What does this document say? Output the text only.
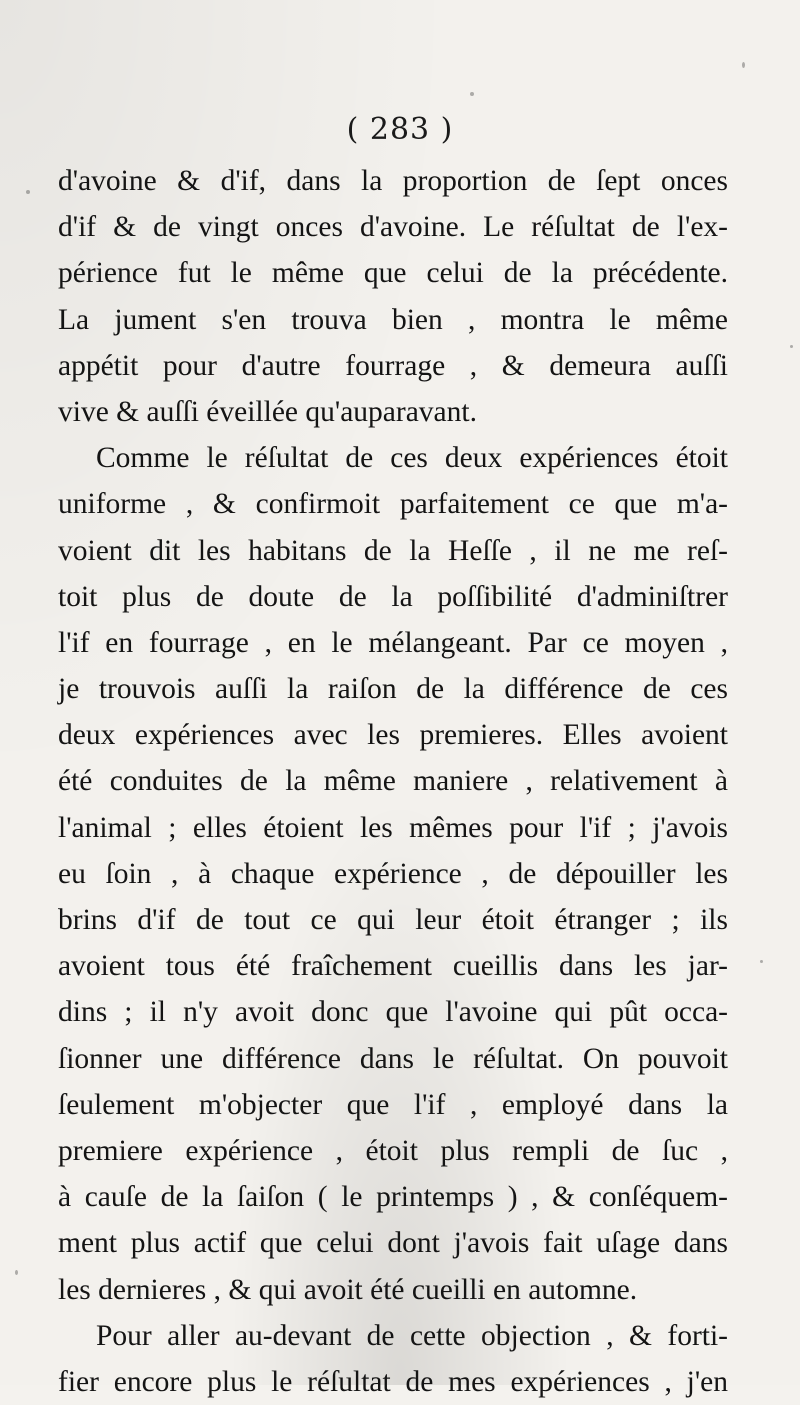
( 283 )
d'avoine & d'if, dans la proportion de ſept onces
d'if & de vingt onces d'avoine. Le réſultat de l'ex-
périence fut le même que celui de la précédente.
La jument s'en trouva bien , montra le même
appétit pour d'autre fourrage , & demeura auſſi
vive & auſſi éveillée qu'auparavant.
Comme le réſultat de ces deux expériences étoit
uniforme , & confirmoit parfaitement ce que m'a-
voient dit les habitans de la Heſſe , il ne me reſ-
toit plus de doute de la poſſibilité d'adminiſtrer
l'if en fourrage , en le mélangeant. Par ce moyen ,
je trouvois auſſi la raiſon de la différence de ces
deux expériences avec les premieres. Elles avoient
été conduites de la même maniere , relativement à
l'animal ; elles étoient les mêmes pour l'if ; j'avois
eu ſoin , à chaque expérience , de dépouiller les
brins d'if de tout ce qui leur étoit étranger ; ils
avoient tous été fraîchement cueillis dans les jar-
dins ; il n'y avoit donc que l'avoine qui pût occa-
ſionner une différence dans le réſultat. On pouvoit
ſeulement m'objecter que l'if , employé dans la
premiere expérience , étoit plus rempli de ſuc ,
à cauſe de la ſaiſon ( le printemps ) , & conſéquem-
ment plus actif que celui dont j'avois fait uſage dans
les dernieres , & qui avoit été cueilli en automne.
Pour aller au-devant de cette objection , & forti-
fier encore plus le réſultat de mes expériences , j'en
